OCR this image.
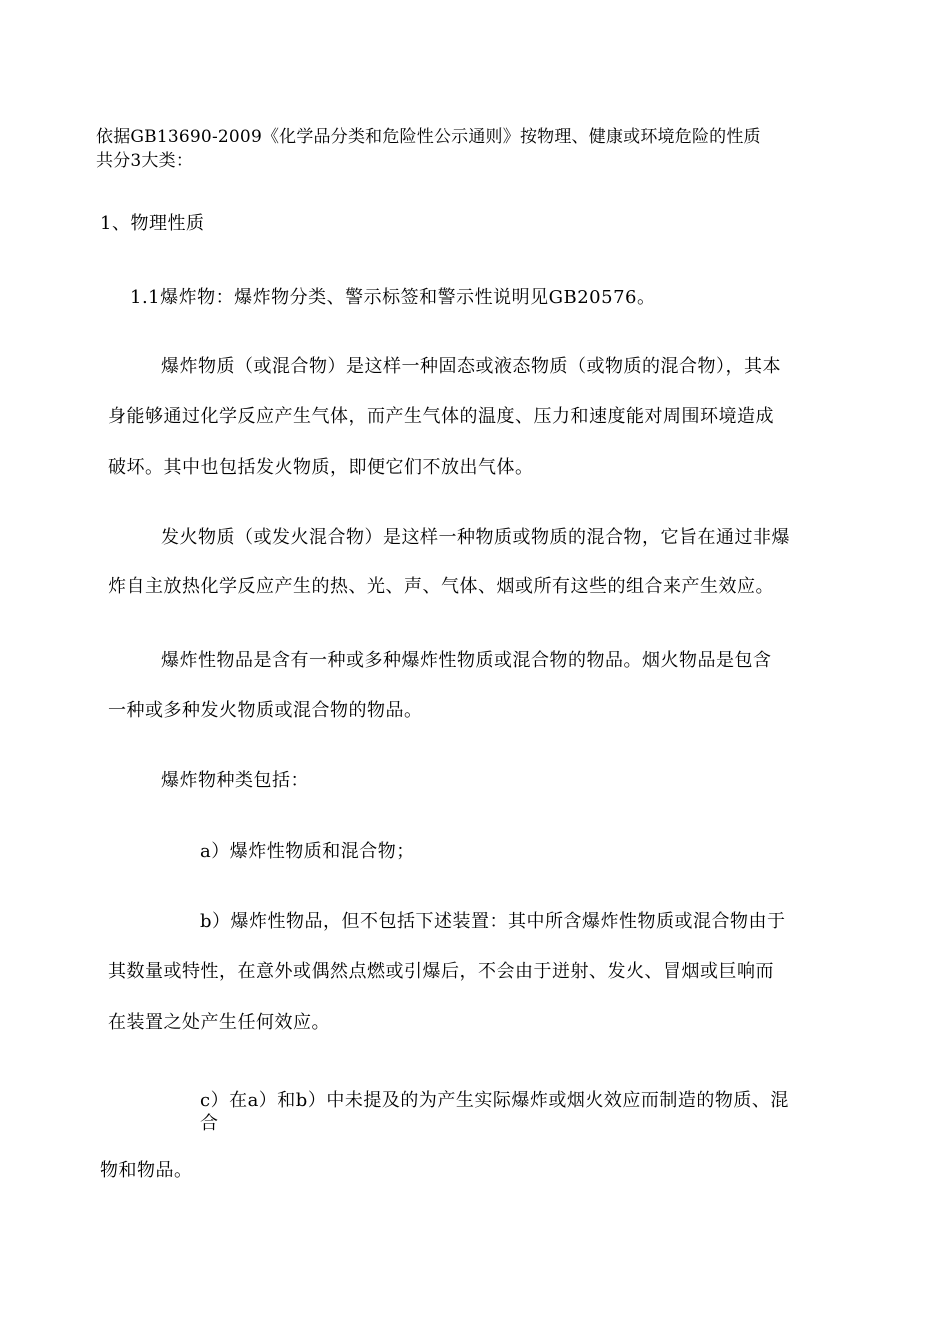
依据GB13690-2009《化学品分类和危险性公示通则》按物理、健康或环境危险的性质
共分3大类：
1、物理性质
1.1爆炸物：爆炸物分类、警示标签和警示性说明见GB20576。
爆炸物质（或混合物）是这样一种固态或液态物质（或物质的混合物），其本
身能够通过化学反应产生气体，而产生气体的温度、压力和速度能对周围环境造成
破坏。其中也包括发火物质，即便它们不放出气体。
发火物质（或发火混合物）是这样一种物质或物质的混合物，它旨在通过非爆
炸自主放热化学反应产生的热、光、声、气体、烟或所有这些的组合来产生效应。
爆炸性物品是含有一种或多种爆炸性物质或混合物的物品。烟火物品是包含
一种或多种发火物质或混合物的物品。
爆炸物种类包括：
a）爆炸性物质和混合物；
b）爆炸性物品，但不包括下述装置：其中所含爆炸性物质或混合物由于
其数量或特性，在意外或偶然点燃或引爆后，不会由于迸射、发火、冒烟或巨响而
在装置之处产生任何效应。
c）在a）和b）中未提及的为产生实际爆炸或烟火效应而制造的物质、混
合
物和物品。
